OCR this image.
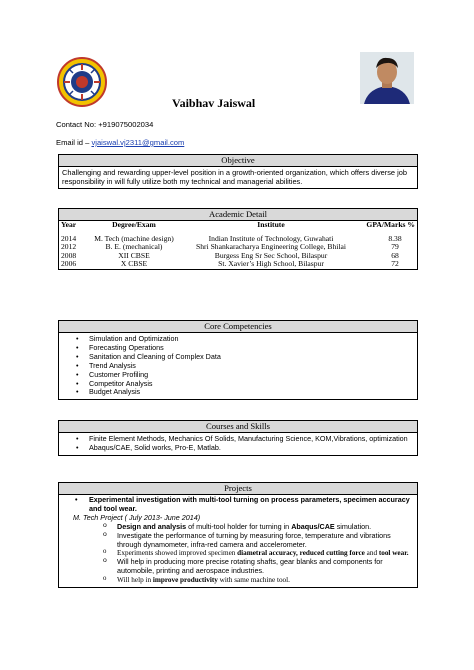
Vaibhav Jaiswal
Contact No: +919075002034
Email id – vjaiswal.vj2311@gmail.com
Objective
Challenging and rewarding upper-level position in a growth-oriented organization, which offers diverse job responsibility in will fully utilize both my technical and managerial abilities.
Academic Detail
Year	Degree/Exam	Institute	GPA/Marks %
2014	M. Tech (machine design)	Indian Institute of Technology, Guwahati	8.38
2012	B. E. (mechanical)	Shri Shankaracharya Engineering College, Bhilai	79
2008	XII CBSE	Burgess Eng Sr Sec School, Bilaspur	68
2006	X CBSE	St. Xavier’s High School, Bilaspur	72
Core Competencies
• Simulation and Optimization
• Forecasting Operations
• Sanitation and Cleaning of Complex Data
• Trend Analysis
• Customer Profiling
• Competitor Analysis
• Budget Analysis
Courses and Skills
• Finite Element Methods, Mechanics Of Solids, Manufacturing Science, KOM,Vibrations, optimization
• Abaqus/CAE, Solid works, Pro-E, Matlab.
Projects
• Experimental investigation with multi-tool turning on process parameters, specimen accuracy and tool wear.
M. Tech Project ( July 2013- June 2014)
o Design and analysis of multi-tool holder for turning in Abaqus/CAE simulation.
o Investigate the performance of turning by measuring force, temperature and vibrations through dynamometer, infra-red camera and accelerometer.
o Experiments showed improved specimen diametral accuracy, reduced cutting force and tool wear.
o Will help in producing more precise rotating shafts, gear blanks and components for automobile, printing and aerospace industries.
o Will help in improve productivity with same machine tool.
